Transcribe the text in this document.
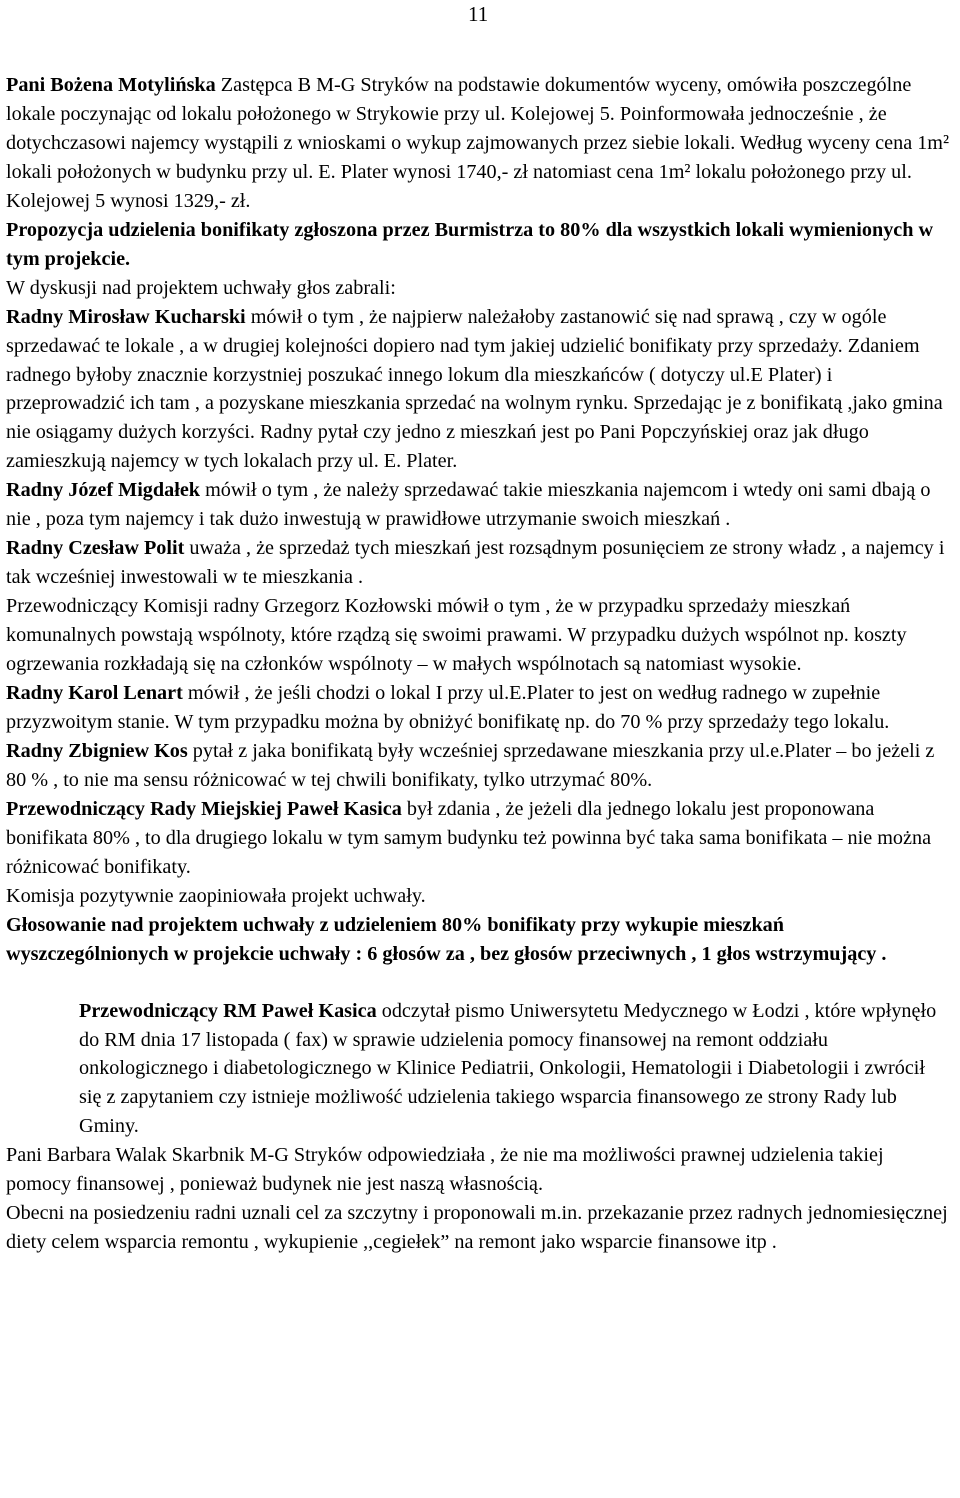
11

Pani Bożena Motylińska Zastępca B M-G Stryków na podstawie dokumentów wyceny, omówiła poszczególne lokale poczynając od lokalu położonego w Strykowie przy ul. Kolejowej 5. Poinformowała jednocześnie , że dotychczasowi najemcy wystąpili z wnioskami o wykup zajmowanych przez siebie lokali. Według wyceny cena 1m² lokali położonych w budynku przy ul. E. Plater wynosi 1740,- zł natomiast cena 1m² lokalu położonego przy ul. Kolejowej 5 wynosi 1329,- zł.

Propozycja udzielenia bonifikaty zgłoszona przez Burmistrza to 80% dla wszystkich lokali wymienionych w tym projekcie.

W dyskusji nad projektem uchwały głos zabrali:

Radny Mirosław Kucharski mówił o tym , że najpierw należałoby zastanowić się nad sprawą , czy w ogóle sprzedawać te lokale , a w drugiej kolejności dopiero nad tym jakiej udzielić bonifikaty przy sprzedaży. Zdaniem radnego byłoby znacznie korzystniej poszukać innego lokum dla mieszkańców ( dotyczy ul.E Plater) i przeprowadzić ich tam , a pozyskane mieszkania sprzedać na wolnym rynku. Sprzedając je z bonifikatą ,jako gmina nie osiągamy dużych korzyści. Radny pytał czy jedno z mieszkań jest po Pani Popczyńskiej oraz jak długo zamieszkują najemcy w tych lokalach przy ul. E. Plater.

Radny Józef Migdałek mówił o tym , że należy sprzedawać takie mieszkania najemcom i wtedy oni sami dbają o nie , poza tym najemcy i tak dużo inwestują w prawidłowe utrzymanie swoich mieszkań .

Radny Czesław Polit uważa , że sprzedaż tych mieszkań jest rozsądnym posunięciem ze strony władz , a najemcy i tak wcześniej inwestowali w te mieszkania .

Przewodniczący Komisji radny Grzegorz Kozłowski mówił o tym , że w przypadku sprzedaży mieszkań komunalnych powstają wspólnoty, które rządzą się swoimi prawami. W przypadku dużych wspólnot np. koszty ogrzewania rozkładają się na członków wspólnoty – w małych wspólnotach są natomiast wysokie.

Radny Karol Lenart mówił , że jeśli chodzi o lokal I przy ul.E.Plater to jest on według radnego w zupełnie przyzwoitym stanie. W tym przypadku można by obniżyć bonifikatę np. do 70 % przy sprzedaży tego lokalu.

Radny Zbigniew Kos pytał z jaka bonifikatą były wcześniej sprzedawane mieszkania przy ul.e.Plater – bo jeżeli z 80 % , to nie ma sensu różnicować w tej chwili bonifikaty, tylko utrzymać 80%.

Przewodniczący Rady Miejskiej Paweł Kasica był zdania , że jeżeli dla jednego lokalu jest proponowana bonifikata 80% , to dla drugiego lokalu w tym samym budynku też powinna być taka sama bonifikata – nie można różnicować bonifikaty.

Komisja pozytywnie zaopiniowała projekt uchwały.

Głosowanie nad projektem uchwały z udzieleniem 80% bonifikaty przy wykupie mieszkań wyszczególnionych w projekcie uchwały : 6 głosów za , bez głosów przeciwnych , 1 głos wstrzymujący .

Przewodniczący RM Paweł Kasica odczytał pismo Uniwersytetu Medycznego w Łodzi , które wpłynęło do RM dnia 17 listopada ( fax) w sprawie udzielenia pomocy finansowej na remont oddziału onkologicznego i diabetologicznego w Klinice Pediatrii, Onkologii, Hematologii i Diabetologii i zwrócił się z zapytaniem czy istnieje możliwość udzielenia takiego wsparcia finansowego ze strony Rady lub Gminy.

Pani Barbara Walak Skarbnik M-G Stryków odpowiedziała , że nie ma możliwości prawnej udzielenia takiej pomocy finansowej , ponieważ budynek nie jest naszą własnością.

Obecni na posiedzeniu radni uznali cel za szczytny i proponowali m.in. przekazanie przez radnych jednomiesięcznej diety celem wsparcia remontu , wykupienie ,,cegiełek” na remont jako wsparcie finansowe itp .
